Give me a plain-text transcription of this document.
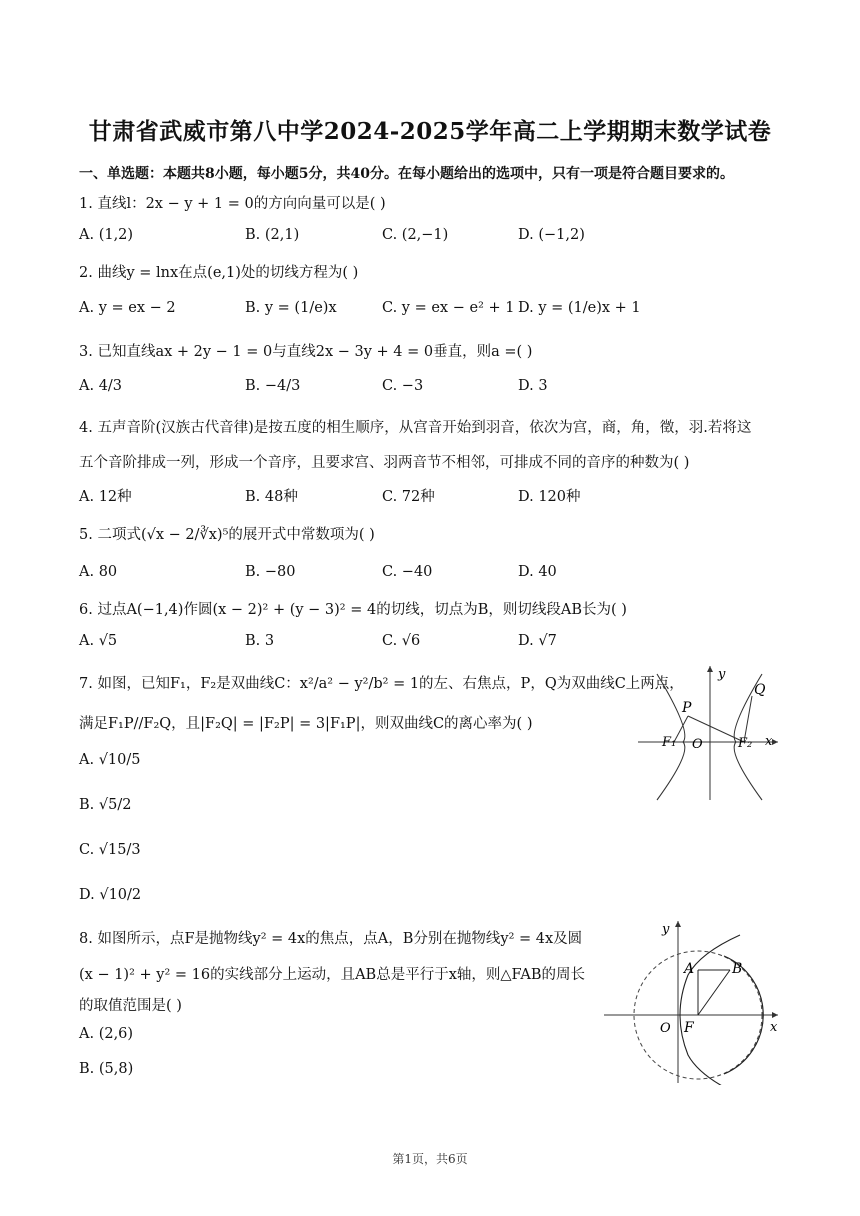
甘肃省武威市第八中学2024-2025学年高二上学期期末数学试卷
一、单选题：本题共8小题，每小题5分，共40分。在每小题给出的选项中，只有一项是符合题目要求的。
1. 直线l：2x − y + 1 = 0的方向向量可以是( )
A. (1,2)	B. (2,1)	C. (2,−1)	D. (−1,2)
2. 曲线y = lnx在点(e,1)处的切线方程为( )
A. y = ex − 2	B. y = (1/e)x	C. y = ex − e² + 1 D. y = (1/e)x + 1
3. 已知直线ax + 2y − 1 = 0与直线2x − 3y + 4 = 0垂直，则a =( )
A. 4/3	B. −4/3	C. −3	D. 3
4. 五声音阶(汉族古代音律)是按五度的相生顺序，从宫音开始到羽音，依次为宫，商，角，徵，羽.若将这
五个音阶排成一列，形成一个音序，且要求宫、羽两音节不相邻，可排成不同的音序的种数为( )
A. 12种	B. 48种	C. 72种	D. 120种
5. 二项式(√x − 2/∛x)⁵的展开式中常数项为( )
A. 80	B. −80	C. −40	D. 40
6. 过点A(−1,4)作圆(x − 2)² + (y − 3)² = 4的切线，切点为B，则切线段AB长为( )
A. √5	B. 3	C. √6	D. √7
7. 如图，已知F₁，F₂是双曲线C：x²/a² − y²/b² = 1的左、右焦点，P，Q为双曲线C上两点，
满足F₁P//F₂Q，且|F₂Q| = |F₂P| = 3|F₁P|，则双曲线C的离心率为( )
A. √10/5
B. √5/2
C. √15/3
D. √10/2
y
x
O
P
Q
F₁	F₂
8. 如图所示，点F是抛物线y² = 4x的焦点，点A，B分别在抛物线y² = 4x及圆
(x − 1)² + y² = 16的实线部分上运动，且AB总是平行于x轴，则△FAB的周长
的取值范围是( )
A. (2,6)
B. (5,8)
y
x
O F
A	B
第1页，共6页
